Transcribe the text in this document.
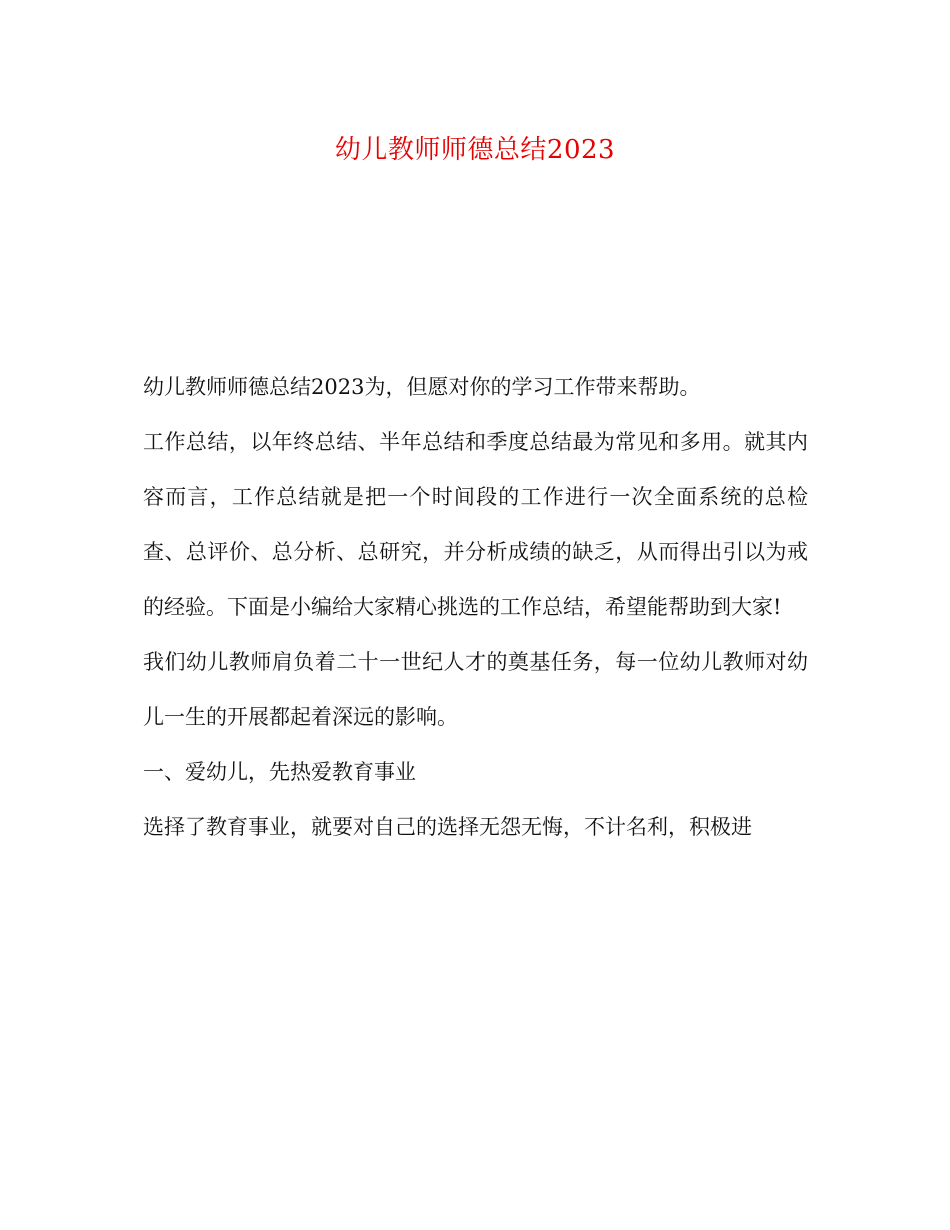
幼儿教师师德总结2023

幼儿教师师德总结2023为，但愿对你的学习工作带来帮助。

工作总结，以年终总结、半年总结和季度总结最为常见和多用。就其内容而言，工作总结就是把一个时间段的工作进行一次全面系统的总检查、总评价、总分析、总研究，并分析成绩的缺乏，从而得出引以为戒的经验。下面是小编给大家精心挑选的工作总结，希望能帮助到大家!

我们幼儿教师肩负着二十一世纪人才的奠基任务，每一位幼儿教师对幼儿一生的开展都起着深远的影响。

一、爱幼儿，先热爱教育事业

选择了教育事业，就要对自己的选择无怨无悔，不计名利，积极进
